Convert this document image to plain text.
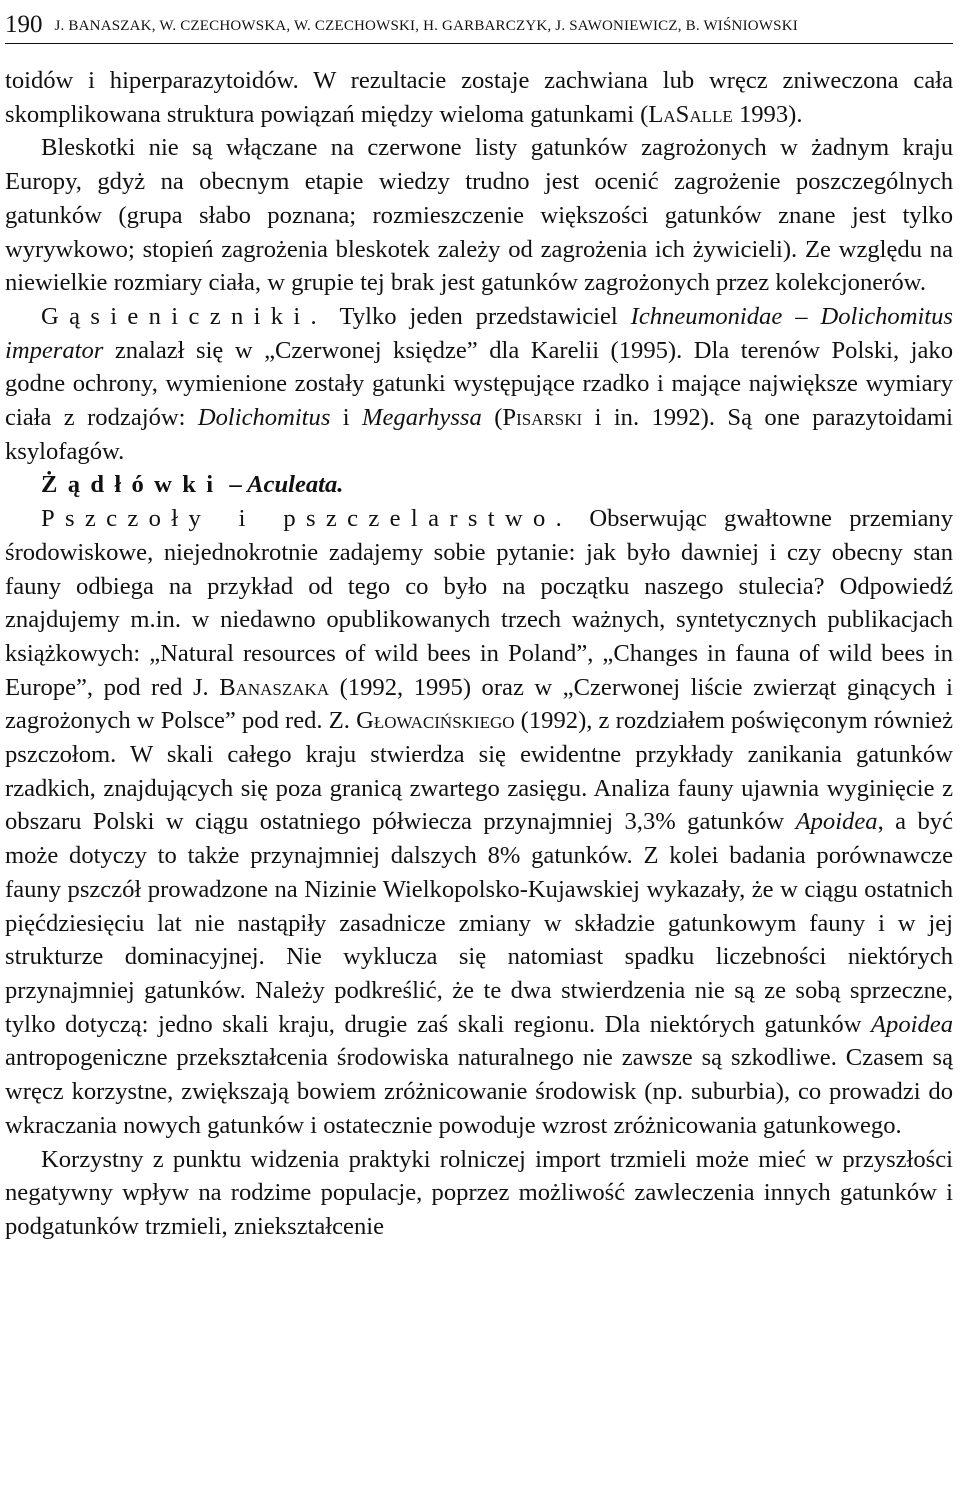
190 J. BANASZAK, W. CZECHOWSKA, W. CZECHOWSKI, H. GARBARCZYK, J. SAWONIEWICZ, B. WIŚNIOWSKI

toidów i hiperparazytoidów. W rezultacie zostaje zachwiana lub wręcz zniweczona cała skomplikowana struktura powiązań między wieloma gatunkami (LaSalle 1993).

Bleskotki nie są włączane na czerwone listy gatunków zagrożonych w żadnym kraju Europy, gdyż na obecnym etapie wiedzy trudno jest ocenić zagrożenie poszczególnych gatunków (grupa słabo poznana; rozmieszczenie większości gatunków znane jest tylko wyrywkowo; stopień zagrożenia bleskotek zależy od zagrożenia ich żywicieli). Ze względu na niewielkie rozmiary ciała, w grupie tej brak jest gatunków zagrożonych przez kolekcjonerów.

Gąsieniczniki. Tylko jeden przedstawiciel Ichneumonidae – Dolichomitus imperator znalazł się w „Czerwonej księdze” dla Karelii (1995). Dla terenów Polski, jako godne ochrony, wymienione zostały gatunki występujące rzadko i mające największe wymiary ciała z rodzajów: Dolichomitus i Megarhyssa (Pisarski i in. 1992). Są one parazytoidami ksylofagów.

Żądłówki – Aculeata.

Pszczoły i pszczelarstwo. Obserwując gwałtowne przemiany środowiskowe, niejednokrotnie zadajemy sobie pytanie: jak było dawniej i czy obecny stan fauny odbiega na przykład od tego co było na początku naszego stulecia? Odpowiedź znajdujemy m.in. w niedawno opublikowanych trzech ważnych, syntetycznych publikacjach książkowych: „Natural resources of wild bees in Poland”, „Changes in fauna of wild bees in Europe”, pod red J. Banaszaka (1992, 1995) oraz w „Czerwonej liście zwierząt ginących i zagrożonych w Polsce” pod red. Z. Głowacińskiego (1992), z rozdziałem poświęconym również pszczołom. W skali całego kraju stwierdza się ewidentne przykłady zanikania gatunków rzadkich, znajdujących się poza granicą zwartego zasięgu. Analiza fauny ujawnia wyginięcie z obszaru Polski w ciągu ostatniego półwiecza przynajmniej 3,3% gatunków Apoidea, a być może dotyczy to także przynajmniej dalszych 8% gatunków. Z kolei badania porównawcze fauny pszczół prowadzone na Nizinie Wielkopolsko-Kujawskiej wykazały, że w ciągu ostatnich pięćdziesięciu lat nie nastąpiły zasadnicze zmiany w składzie gatunkowym fauny i w jej strukturze dominacyjnej. Nie wyklucza się natomiast spadku liczebności niektórych przynajmniej gatunków. Należy podkreślić, że te dwa stwierdzenia nie są ze sobą sprzeczne, tylko dotyczą: jedno skali kraju, drugie zaś skali regionu. Dla niektórych gatunków Apoidea antropogeniczne przekształcenia środowiska naturalnego nie zawsze są szkodliwe. Czasem są wręcz korzystne, zwiększają bowiem zróżnicowanie środowisk (np. suburbia), co prowadzi do wkraczania nowych gatunków i ostatecznie powoduje wzrost zróżnicowania gatunkowego.

Korzystny z punktu widzenia praktyki rolniczej import trzmieli może mieć w przyszłości negatywny wpływ na rodzime populacje, poprzez możliwość zawleczenia innych gatunków i podgatunków trzmieli, zniekształcenie
